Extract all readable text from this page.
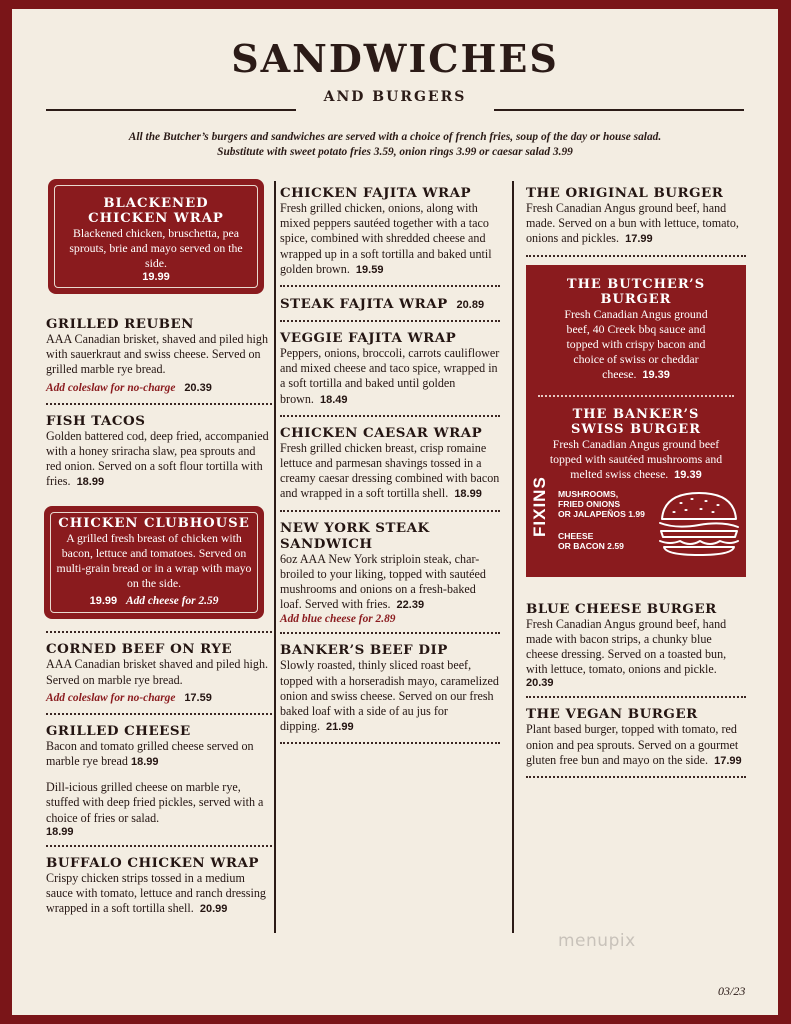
SANDWICHES
AND BURGERS
All the Butcher’s burgers and sandwiches are served with a choice of french fries, soup of the day or house salad.
Substitute with sweet potato fries 3.59, onion rings 3.99 or caesar salad 3.99
BLACKENED
CHICKEN WRAP
Blackened chicken, bruschetta, pea sprouts, brie and mayo served on the side.
19.99
GRILLED REUBEN
AAA Canadian brisket, shaved and piled high with sauerkraut and swiss cheese. Served on grilled marble rye bread.
Add coleslaw for no-charge 20.39
FISH TACOS
Golden battered cod, deep fried, accompanied with a honey sriracha slaw, pea sprouts and red onion. Served on a soft flour tortilla with fries. 18.99
CHICKEN CLUBHOUSE
A grilled fresh breast of chicken with bacon, lettuce and tomatoes. Served on multi-grain bread or in a wrap with mayo on the side.
19.99 Add cheese for 2.59
CORNED BEEF ON RYE
AAA Canadian brisket shaved and piled high. Served on marble rye bread.
Add coleslaw for no-charge 17.59
GRILLED CHEESE
Bacon and tomato grilled cheese served on marble rye bread 18.99
Dill-icious grilled cheese on marble rye, stuffed with deep fried pickles, served with a choice of fries or salad.
18.99
BUFFALO CHICKEN WRAP
Crispy chicken strips tossed in a medium sauce with tomato, lettuce and ranch dressing wrapped in a soft tortilla shell. 20.99
CHICKEN FAJITA WRAP
Fresh grilled chicken, onions, along with mixed peppers sautéed together with a taco spice, combined with shredded cheese and wrapped up in a soft tortilla and baked until golden brown. 19.59
STEAK FAJITA WRAP 20.89
VEGGIE FAJITA WRAP
Peppers, onions, broccoli, carrots cauliflower and mixed cheese and taco spice, wrapped in a soft tortilla and baked until golden brown. 18.49
CHICKEN CAESAR WRAP
Fresh grilled chicken breast, crisp romaine lettuce and parmesan shavings tossed in a creamy caesar dressing combined with bacon and wrapped in a soft tortilla shell. 18.99
NEW YORK STEAK
SANDWICH
6oz AAA New York striploin steak, char-broiled to your liking, topped with sautéed mushrooms and onions on a fresh-baked loaf. Served with fries. 22.39
Add blue cheese for 2.89
BANKER’S BEEF DIP
Slowly roasted, thinly sliced roast beef, topped with a horseradish mayo, caramelized onion and swiss cheese. Served on our fresh baked loaf with a side of au jus for dipping. 21.99
THE ORIGINAL BURGER
Fresh Canadian Angus ground beef, hand made. Served on a bun with lettuce, tomato, onions and pickles. 17.99
THE BUTCHER’S
BURGER
Fresh Canadian Angus ground beef, 40 Creek bbq sauce and topped with crispy bacon and choice of swiss or cheddar cheese. 19.39
THE BANKER’S
SWISS BURGER
Fresh Canadian Angus ground beef topped with sautéed mushrooms and melted swiss cheese. 19.39
FIXINS MUSHROOMS,
FRIED ONIONS
OR JALAPEÑOS 1.99
CHEESE
OR BACON 2.59
BLUE CHEESE BURGER
Fresh Canadian Angus ground beef, hand made with bacon strips, a chunky blue cheese dressing. Served on a toasted bun, with lettuce, tomato, onions and pickle.
20.39
THE VEGAN BURGER
Plant based burger, topped with tomato, red onion and pea sprouts. Served on a gourmet gluten free bun and mayo on the side. 17.99
menupix
03/23
